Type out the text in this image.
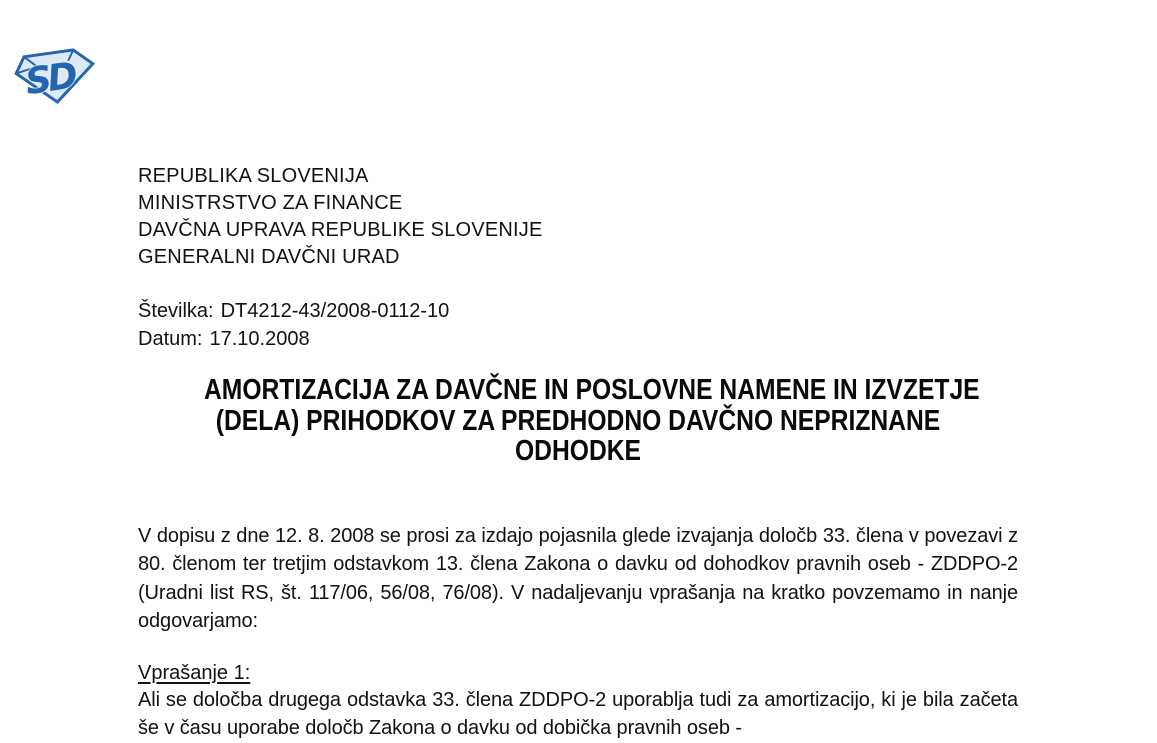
SD
REPUBLIKA SLOVENIJA
MINISTRSTVO ZA FINANCE
DAVČNA UPRAVA REPUBLIKE SLOVENIJE
GENERALNI DAVČNI URAD
Številka: DT4212-43/2008-0112-10
Datum: 17.10.2008
AMORTIZACIJA ZA DAVČNE IN POSLOVNE NAMENE IN IZVZETJE
(DELA) PRIHODKOV ZA PREDHODNO DAVČNO NEPRIZNANE
ODHODKE

V dopisu z dne 12. 8. 2008 se prosi za izdajo pojasnila glede izvajanja določb 33. člena v povezavi z 80. členom ter tretjim odstavkom 13. člena Zakona o davku od dohodkov pravnih oseb - ZDDPO-2 (Uradni list RS, št. 117/06, 56/08, 76/08). V nadaljevanju vprašanja na kratko povzemamo in nanje odgovarjamo:

Vprašanje 1:

Ali se določba drugega odstavka 33. člena ZDDPO-2 uporablja tudi za amortizacijo, ki je bila začeta še v času uporabe določb Zakona o davku od dobička pravnih oseb -
